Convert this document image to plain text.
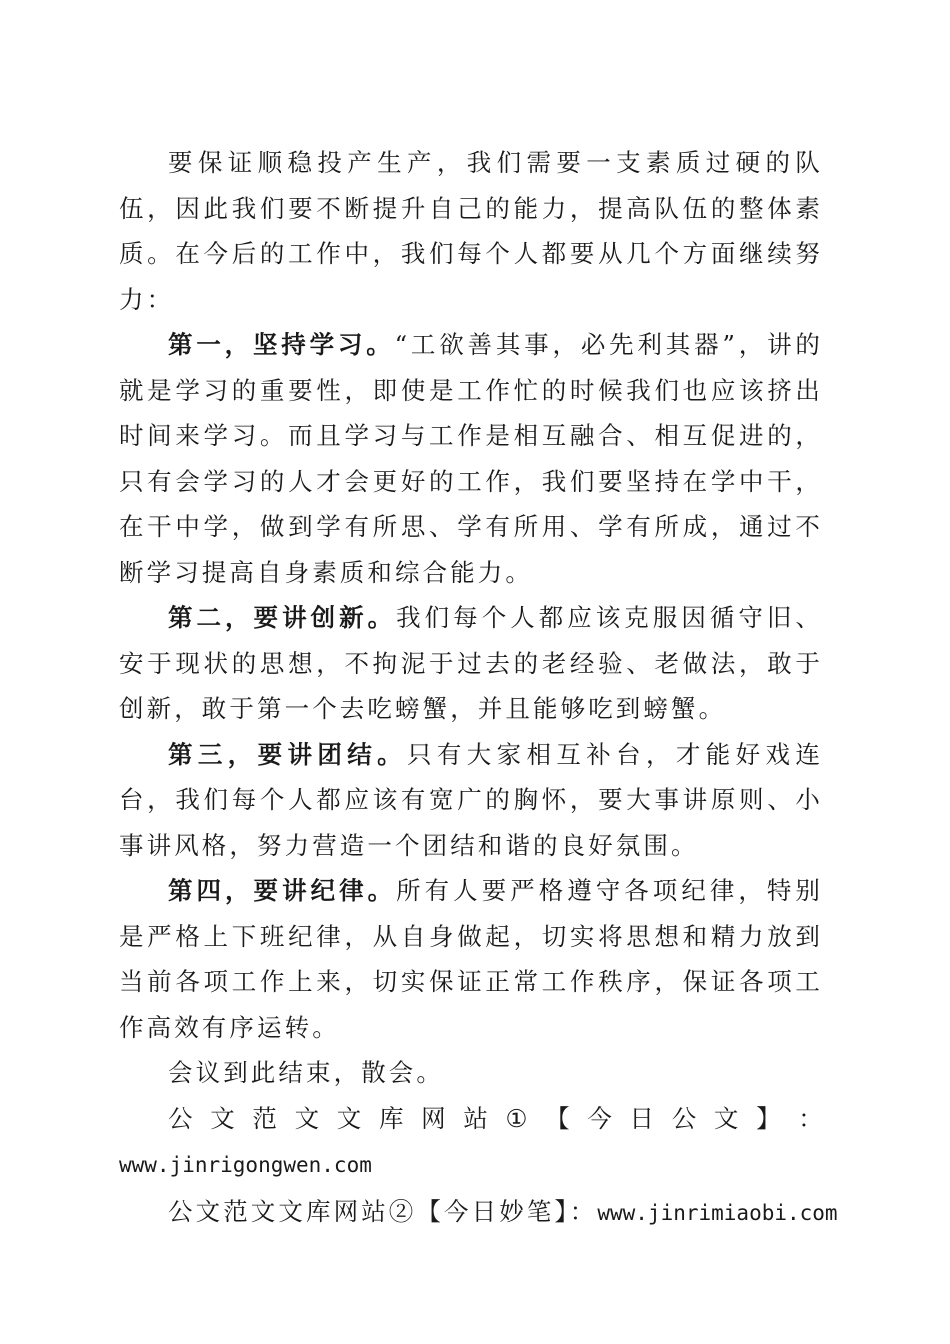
要保证顺稳投产生产，我们需要一支素质过硬的队伍，因此我们要不断提升自己的能力，提高队伍的整体素质。在今后的工作中，我们每个人都要从几个方面继续努力：

第一，坚持学习。“工欲善其事，必先利其器”，讲的就是学习的重要性，即使是工作忙的时候我们也应该挤出时间来学习。而且学习与工作是相互融合、相互促进的，只有会学习的人才会更好的工作，我们要坚持在学中干，在干中学，做到学有所思、学有所用、学有所成，通过不断学习提高自身素质和综合能力。

第二，要讲创新。我们每个人都应该克服因循守旧、安于现状的思想，不拘泥于过去的老经验、老做法，敢于创新，敢于第一个去吃螃蟹，并且能够吃到螃蟹。

第三，要讲团结。只有大家相互补台，才能好戏连台，我们每个人都应该有宽广的胸怀，要大事讲原则、小事讲风格，努力营造一个团结和谐的良好氛围。

第四，要讲纪律。所有人要严格遵守各项纪律，特别是严格上下班纪律，从自身做起，切实将思想和精力放到当前各项工作上来，切实保证正常工作秩序，保证各项工作高效有序运转。

会议到此结束，散会。

公 文 范 文 文 库 网 站 ① 【 今 日 公 文 】 ：

www.jinrigongwen.com

公文范文文库网站②【今日妙笔】：www.jinrimiaobi.com
